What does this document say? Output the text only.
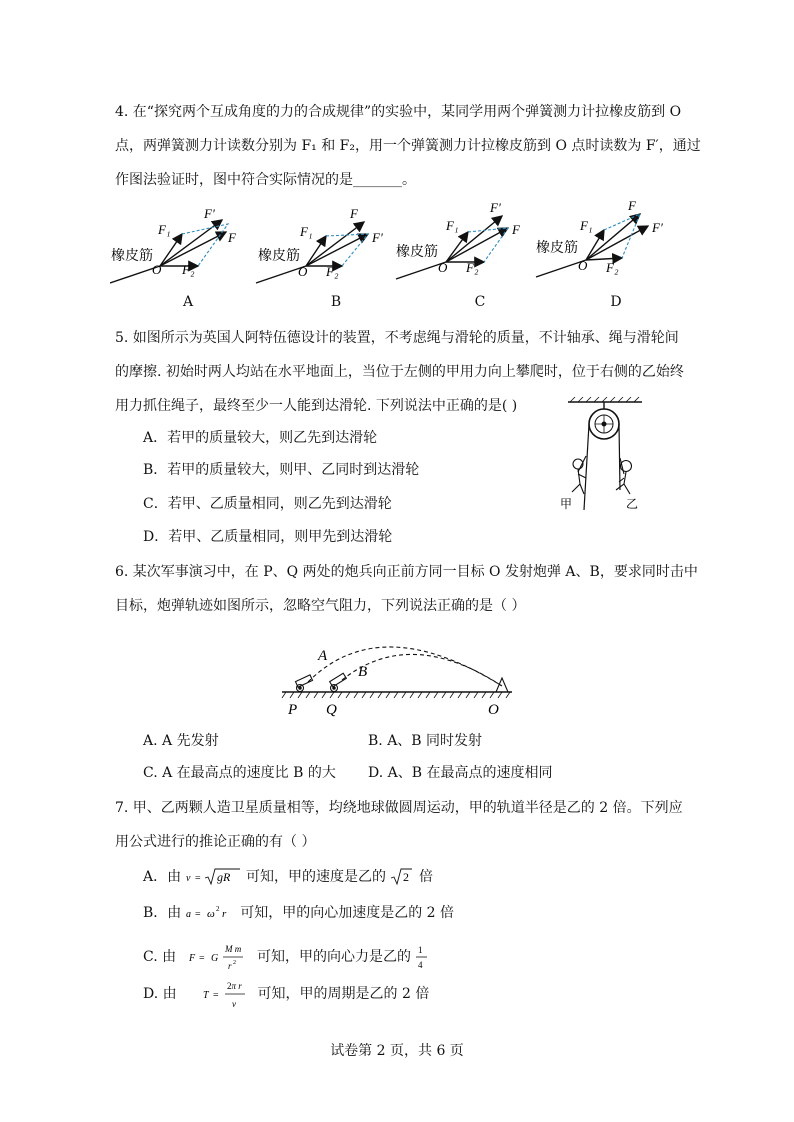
4. 在“探究两个互成角度的力的合成规律”的实验中，某同学用两个弹簧测力计拉橡皮筋到 O
点，两弹簧测力计读数分别为 F₁ 和 F₂，用一个弹簧测力计拉橡皮筋到 O 点时读数为 F′，通过
作图法验证时，图中符合实际情况的是_______。
橡皮筋
O
F₁
F₂
F′
F
橡皮筋
O
F₁
F₂
F
F′
橡皮筋
O
F₁
F₂
F′
F
橡皮筋
O
F₁
F₂
F
F′
A	B	C	D
5. 如图所示为英国人阿特伍德设计的装置，不考虑绳与滑轮的质量，不计轴承、绳与滑轮间
的摩擦. 初始时两人均站在水平地面上，当位于左侧的甲用力向上攀爬时，位于右侧的乙始终
用力抓住绳子，最终至少一人能到达滑轮. 下列说法中正确的是( )
A．若甲的质量较大，则乙先到达滑轮
B．若甲的质量较大，则甲、乙同时到达滑轮
C．若甲、乙质量相同，则乙先到达滑轮
D．若甲、乙质量相同，则甲先到达滑轮
甲	乙
6. 某次军事演习中，在 P、Q 两处的炮兵向正前方同一目标 O 发射炮弹 A、B，要求同时击中
目标，炮弹轨迹如图所示，忽略空气阻力，下列说法正确的是（ ）
A
B
P Q	O
A. A 先发射	B. A、B 同时发射
C. A 在最高点的速度比 B 的大 D. A、B 在最高点的速度相同
7. 甲、乙两颗人造卫星质量相等，均绕地球做圆周运动，甲的轨道半径是乙的 2 倍。下列应
用公式进行的推论正确的有（ ）
A．由 v = gR 可知，甲的速度是乙的 2 倍
B．由 a = ω 2 r 可知，甲的向心加速度是乙的 2 倍
C. 由 F = G
M m
r 2 可知，甲的向心力是乙的 1
4
D. 由	T =
2π r
v
可知，甲的周期是乙的 2 倍
试卷第 2 页，共 6 页
